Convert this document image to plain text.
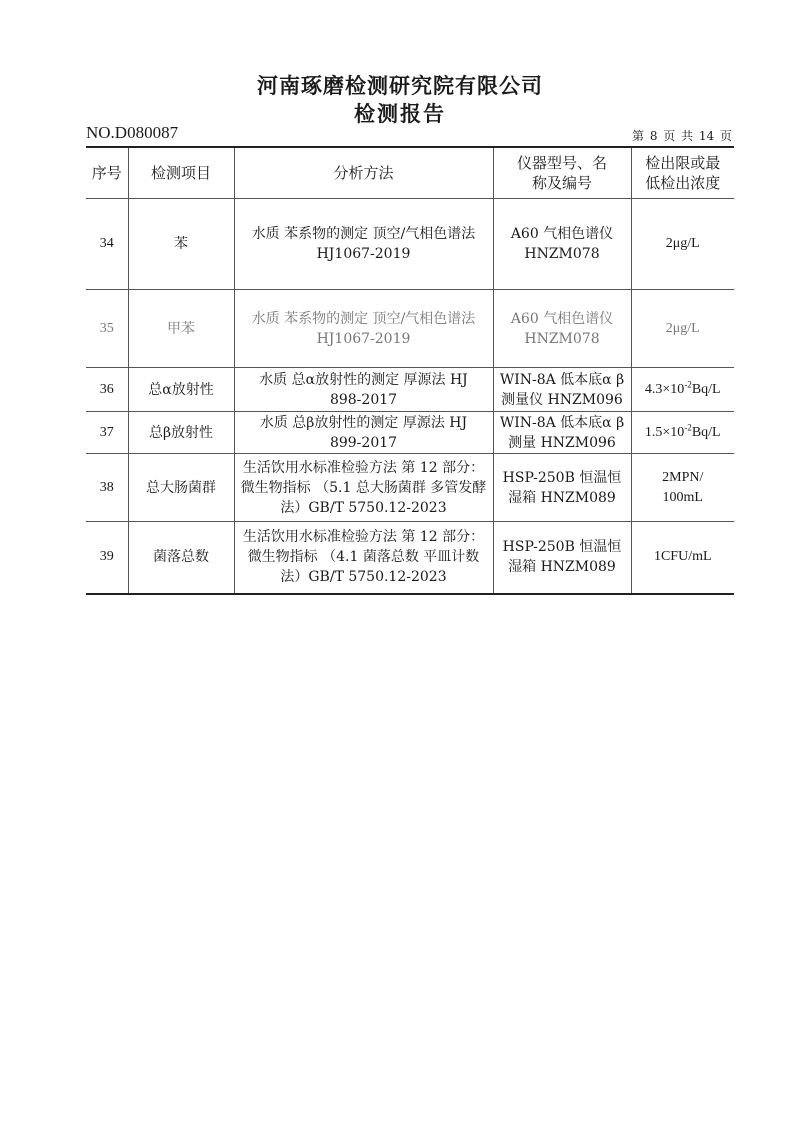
河南琢磨检测研究院有限公司
检测报告
NO.D080087	第 8 页 共 14 页
序号	检测项目	分析方法	仪器型号、名称及编号	检出限或最低检出浓度
34	苯	水质 苯系物的测定 顶空/气相色谱法 HJ1067-2019	A60 气相色谱仪 HNZM078	2μg/L
35	甲苯	水质 苯系物的测定 顶空/气相色谱法 HJ1067-2019	A60 气相色谱仪 HNZM078	2μg/L
36	总α放射性	水质 总α放射性的测定 厚源法 HJ 898-2017	WIN-8A 低本底α β 测量仪 HNZM096	$4.3\times 10^{-2}Bq/L$
37	总β放射性	水质 总β放射性的测定 厚源法 HJ 899-2017	WIN-8A 低本底α β 测量 HNZM096	$1.5\times 10^{-2}Bq/L$
38	总大肠菌群	生活饮用水标准检验方法 第 12 部分：微生物指标 （5.1 总大肠菌群 多管发酵法）GB/T 5750.12-2023	HSP-250B 恒温恒湿箱 HNZM089	2MPN/ 100mL
39	菌落总数	生活饮用水标准检验方法 第 12 部分：微生物指标 （4.1 菌落总数 平皿计数法）GB/T 5750.12-2023	HSP-250B 恒温恒湿箱 HNZM089	1CFU/mL
